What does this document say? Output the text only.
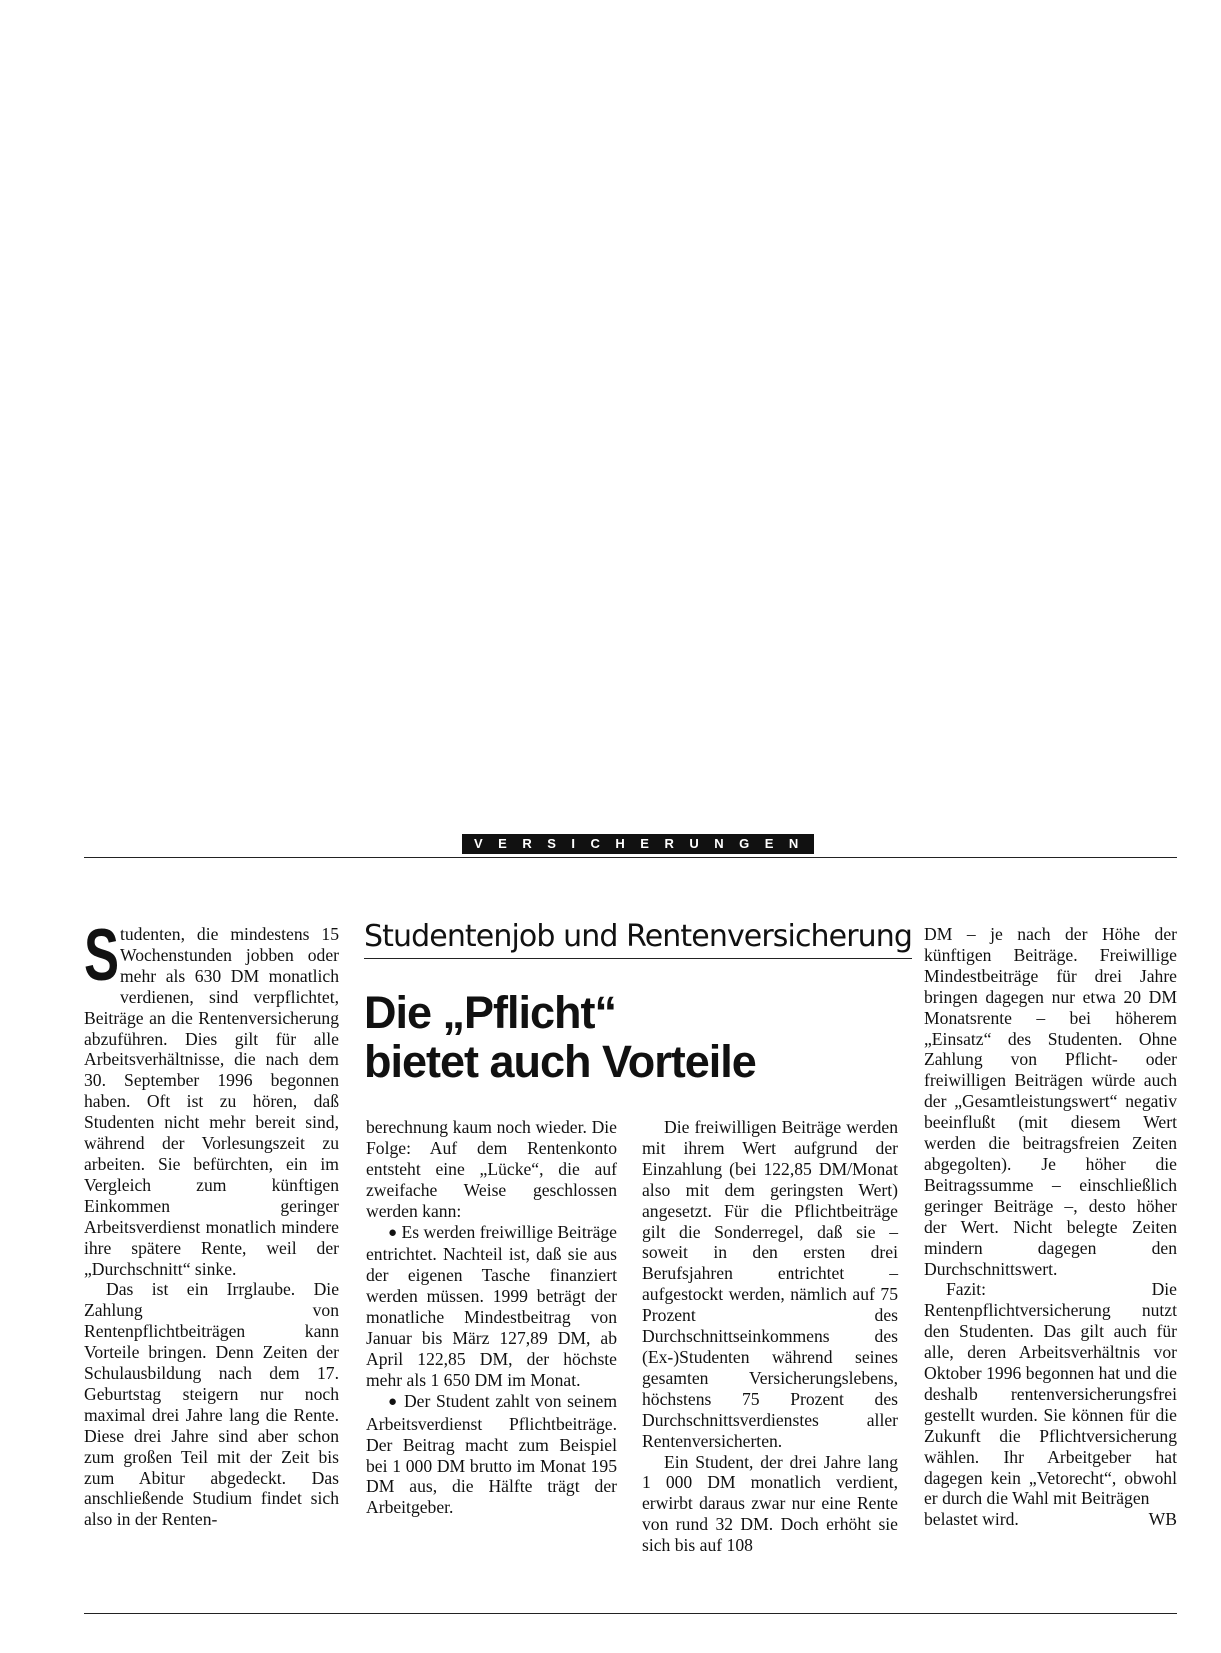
VERSICHERUNGEN

Studenten, die mindestens 15 Wochenstunden jobben oder mehr als 630 DM monatlich verdienen, sind verpflichtet, Beiträge an die Rentenversicherung abzuführen. Dies gilt für alle Arbeitsverhältnisse, die nach dem 30. September 1996 begonnen haben. Oft ist zu hören, daß Studenten nicht mehr bereit sind, während der Vorlesungszeit zu arbeiten. Sie befürchten, ein im Vergleich zum künftigen Einkommen geringer Arbeitsverdienst monatlich mindere ihre spätere Rente, weil der „Durchschnitt“ sinke.

Das ist ein Irrglaube. Die Zahlung von Rentenpflichtbeiträgen kann Vorteile bringen. Denn Zeiten der Schulausbildung nach dem 17. Geburtstag steigern nur noch maximal drei Jahre lang die Rente. Diese drei Jahre sind aber schon zum großen Teil mit der Zeit bis zum Abitur abgedeckt. Das anschließende Studium findet sich also in der Renten-

Studentenjob und Rentenversicherung
Die „Pflicht“
bietet auch Vorteile

berechnung kaum noch wieder. Die Folge: Auf dem Rentenkonto entsteht eine „Lücke“, die auf zweifache Weise geschlossen werden kann:

● Es werden freiwillige Beiträge entrichtet. Nachteil ist, daß sie aus der eigenen Tasche finanziert werden müssen. 1999 beträgt der monatliche Mindestbeitrag von Januar bis März 127,89 DM, ab April 122,85 DM, der höchste mehr als 1 650 DM im Monat.

● Der Student zahlt von seinem Arbeitsverdienst Pflichtbeiträge. Der Beitrag macht zum Beispiel bei 1 000 DM brutto im Monat 195 DM aus, die Hälfte trägt der Arbeitgeber.

Die freiwilligen Beiträge werden mit ihrem Wert aufgrund der Einzahlung (bei 122,85 DM/Monat also mit dem geringsten Wert) angesetzt. Für die Pflichtbeiträge gilt die Sonderregel, daß sie – soweit in den ersten drei Berufsjahren entrichtet – aufgestockt werden, nämlich auf 75 Prozent des Durchschnittseinkommens des (Ex-)Studenten während seines gesamten Versicherungslebens, höchstens 75 Prozent des Durchschnittsverdienstes aller Rentenversicherten.

Ein Student, der drei Jahre lang 1 000 DM monatlich verdient, erwirbt daraus zwar nur eine Rente von rund 32 DM. Doch erhöht sie sich bis auf 108

DM – je nach der Höhe der künftigen Beiträge. Freiwillige Mindestbeiträge für drei Jahre bringen dagegen nur etwa 20 DM Monatsrente – bei höherem „Einsatz“ des Studenten. Ohne Zahlung von Pflicht- oder freiwilligen Beiträgen würde auch der „Gesamtleistungswert“ negativ beeinflußt (mit diesem Wert werden die beitragsfreien Zeiten abgegolten). Je höher die Beitragssumme – einschließlich geringer Beiträge –, desto höher der Wert. Nicht belegte Zeiten mindern dagegen den Durchschnittswert.

Fazit: Die Rentenpflichtversicherung nutzt den Studenten. Das gilt auch für alle, deren Arbeitsverhältnis vor Oktober 1996 begonnen hat und die deshalb rentenversicherungsfrei gestellt wurden. Sie können für die Zukunft die Pflichtversicherung wählen. Ihr Arbeitgeber hat dagegen kein „Vetorecht“, obwohl er durch die Wahl mit Beiträgen

belastet wird.	WB
